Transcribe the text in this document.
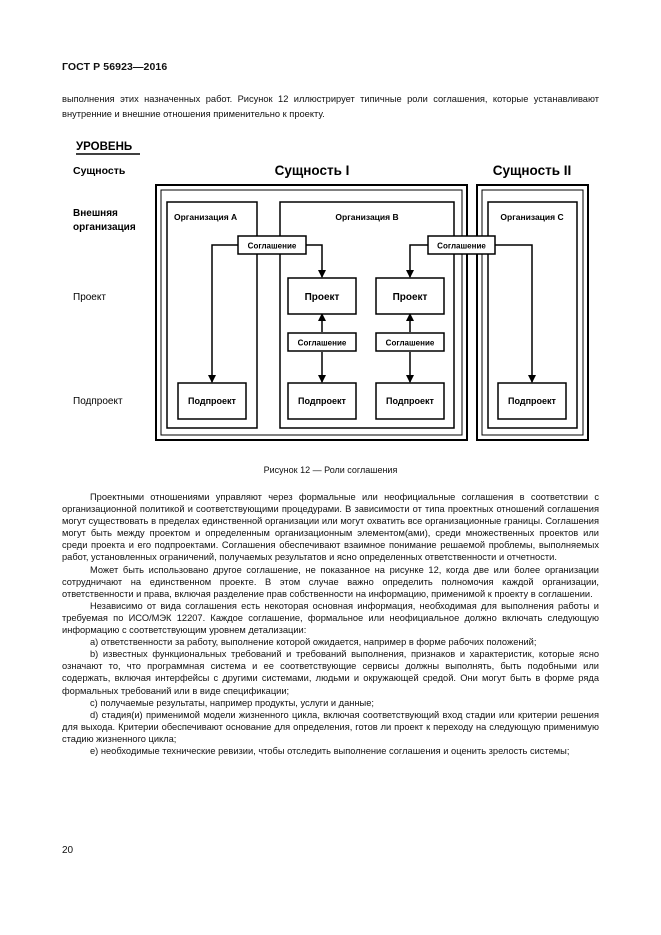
ГОСТ Р 56923—2016
выполнения этих назначенных работ. Рисунок 12 иллюстрирует типичные роли соглашения, которые устанавливают внутренние и внешние отношения применительно к проекту.
УРОВЕНЬ
Сущность
Внешняя
организация
Проект
Подпроект
Сущность I	Сущность II
Организация А	Организация В	Организация С
Соглашение	Соглашение
Проект	Проект
Соглашение	Соглашение
Подпроект	Подпроект	Подпроект	Подпроект
Рисунок 12 — Роли соглашения

Проектными отношениями управляют через формальные или неофициальные соглашения в соответствии с организационной политикой и соответствующими процедурами. В зависимости от типа проектных отношений соглашения могут существовать в пределах единственной организации или могут охватить все организационные границы. Соглашения могут быть между проектом и определенным организационным элементом(ами), среди множественных проектов или среди проекта и его подпроектами. Соглашения обеспечивают взаимное понимание решаемой проблемы, выполняемых работ, установленных ограничений, получаемых результатов и ясно определенных ответственности и отчетности.

Может быть использовано другое соглашение, не показанное на рисунке 12, когда две или более организации сотрудничают на единственном проекте. В этом случае важно определить полномочия каждой организации, ответственности и права, включая разделение прав собственности на информацию, применимой к проекту в соглашении.

Независимо от вида соглашения есть некоторая основная информация, необходимая для выполнения работы и требуемая по ИСО/МЭК 12207. Каждое соглашение, формальное или неофициальное должно включать следующую информацию с соответствующим уровнем детализации:

а) ответственности за работу, выполнение которой ожидается, например в форме рабочих положений;

b) известных функциональных требований и требований выполнения, признаков и характеристик, которые ясно означают то, что программная система и ее соответствующие сервисы должны выполнять, быть подобными или содержать, включая интерфейсы с другими системами, людьми и окружающей средой. Они могут быть в форме ряда формальных требований или в виде спецификации;

с) получаемые результаты, например продукты, услуги и данные;

d) стадия(и) применимой модели жизненного цикла, включая соответствующий вход стадии или критерии решения для выхода. Критерии обеспечивают основание для определения, готов ли проект к переходу на следующую применимую стадию жизненного цикла;

е) необходимые технические ревизии, чтобы отследить выполнение соглашения и оценить зрелость системы;

20
